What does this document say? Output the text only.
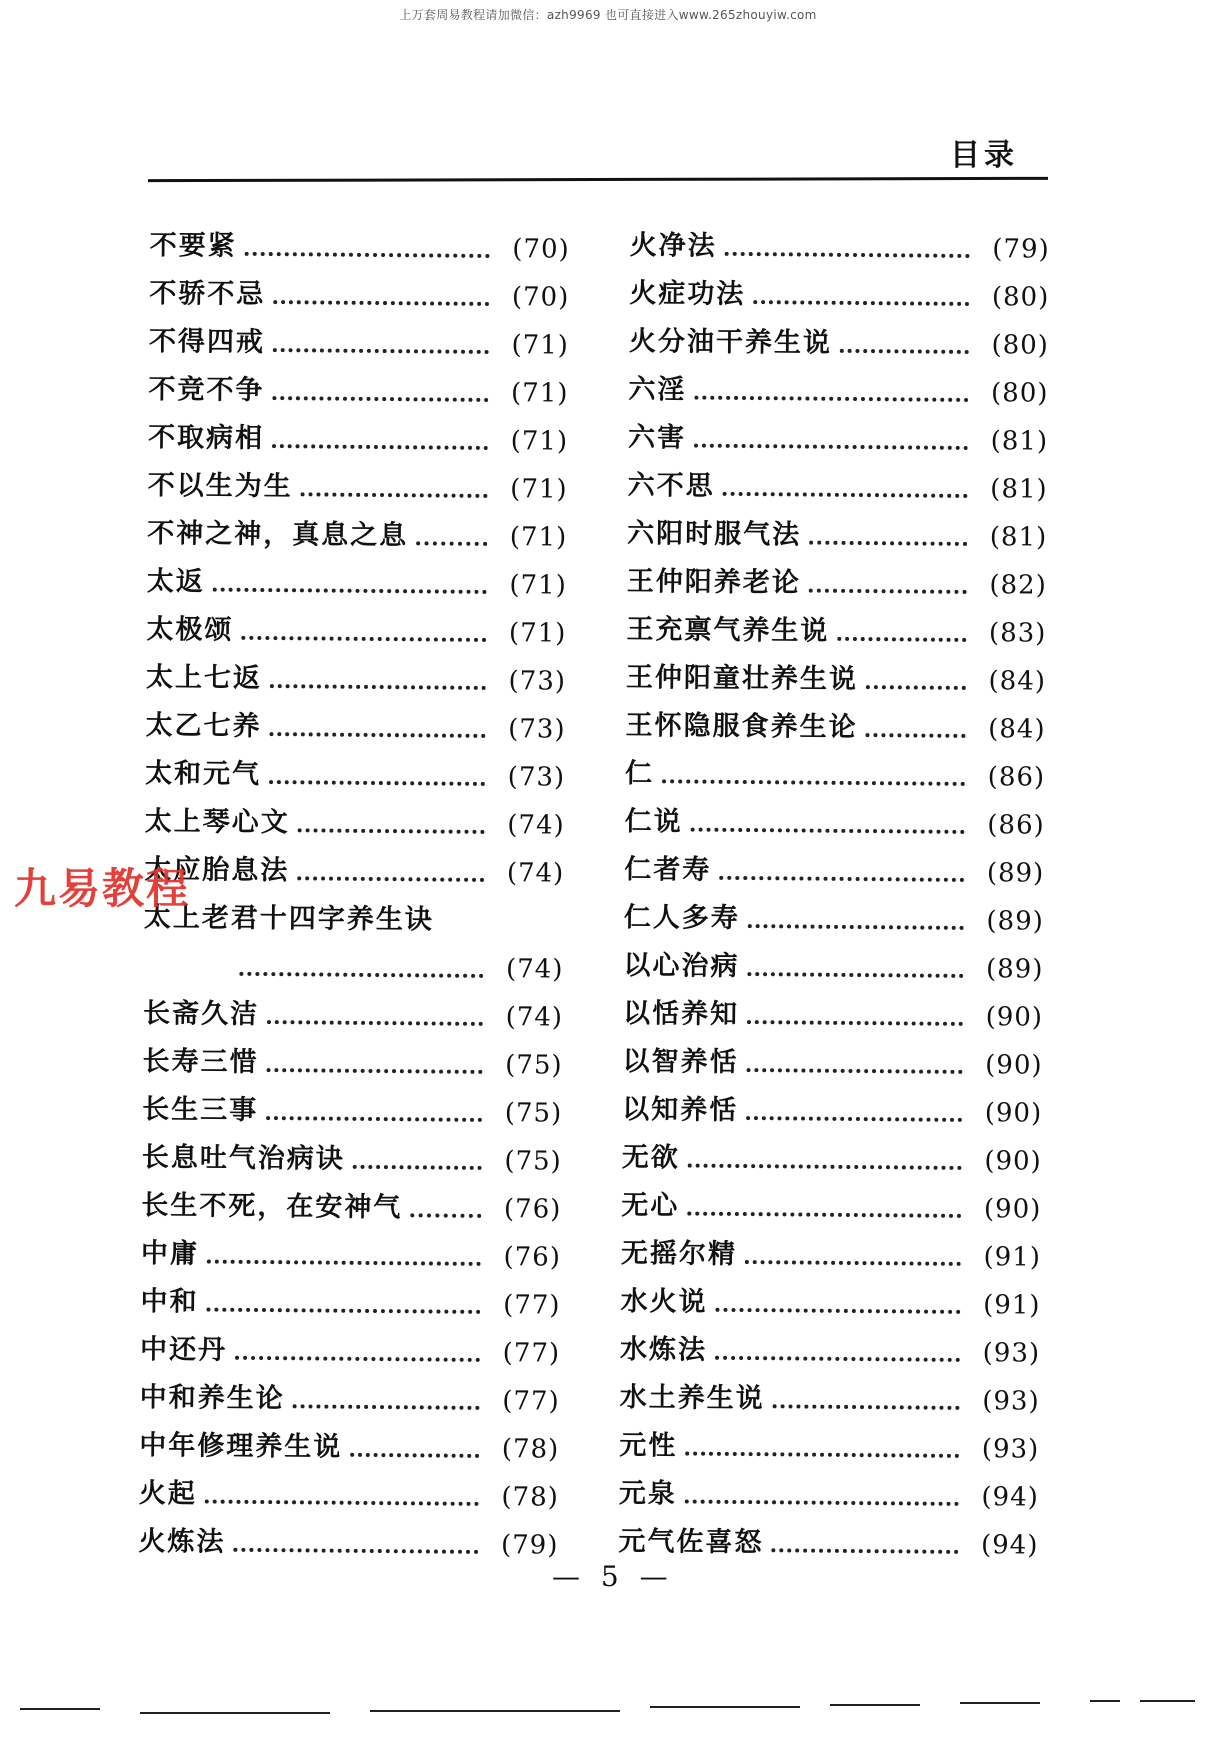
上万套周易教程请加微信：azh9969 也可直接进入www.265zhouyiw.com
目录
不要紧	(70)
不骄不忌	(70)
不得四戒	(71)
不竞不争	(71)
不取病相	(71)
不以生为生	(71)
不神之神，真息之息	(71)
太返	(71)
太极颂	(71)
太上七返	(73)
太乙七养	(73)
太和元气	(73)
太上琴心文	(74)
太应胎息法	(74)
太上老君十四字养生诀
(74)
长斋久洁	(74)
长寿三惜	(75)
长生三事	(75)
长息吐气治病诀	(75)
长生不死，在安神气	(76)
中庸	(76)
中和	(77)
中还丹	(77)
中和养生论	(77)
中年修理养生说	(78)
火起	(78)
火炼法	(79)
火净法	(79)
火症功法	(80)
火分油干养生说	(80)
六淫	(80)
六害	(81)
六不思	(81)
六阳时服气法	(81)
王仲阳养老论	(82)
王充禀气养生说	(83)
王仲阳童壮养生说	(84)
王怀隐服食养生论	(84)
仁	(86)
仁说	(86)
仁者寿	(89)
仁人多寿	(89)
以心治病	(89)
以恬养知	(90)
以智养恬	(90)
以知养恬	(90)
无欲	(90)
无心	(90)
无摇尔精	(91)
水火说	(91)
水炼法	(93)
水土养生说	(93)
元性	(93)
元泉	(94)
元气佐喜怒	(94)
九易教程
— 5 —
